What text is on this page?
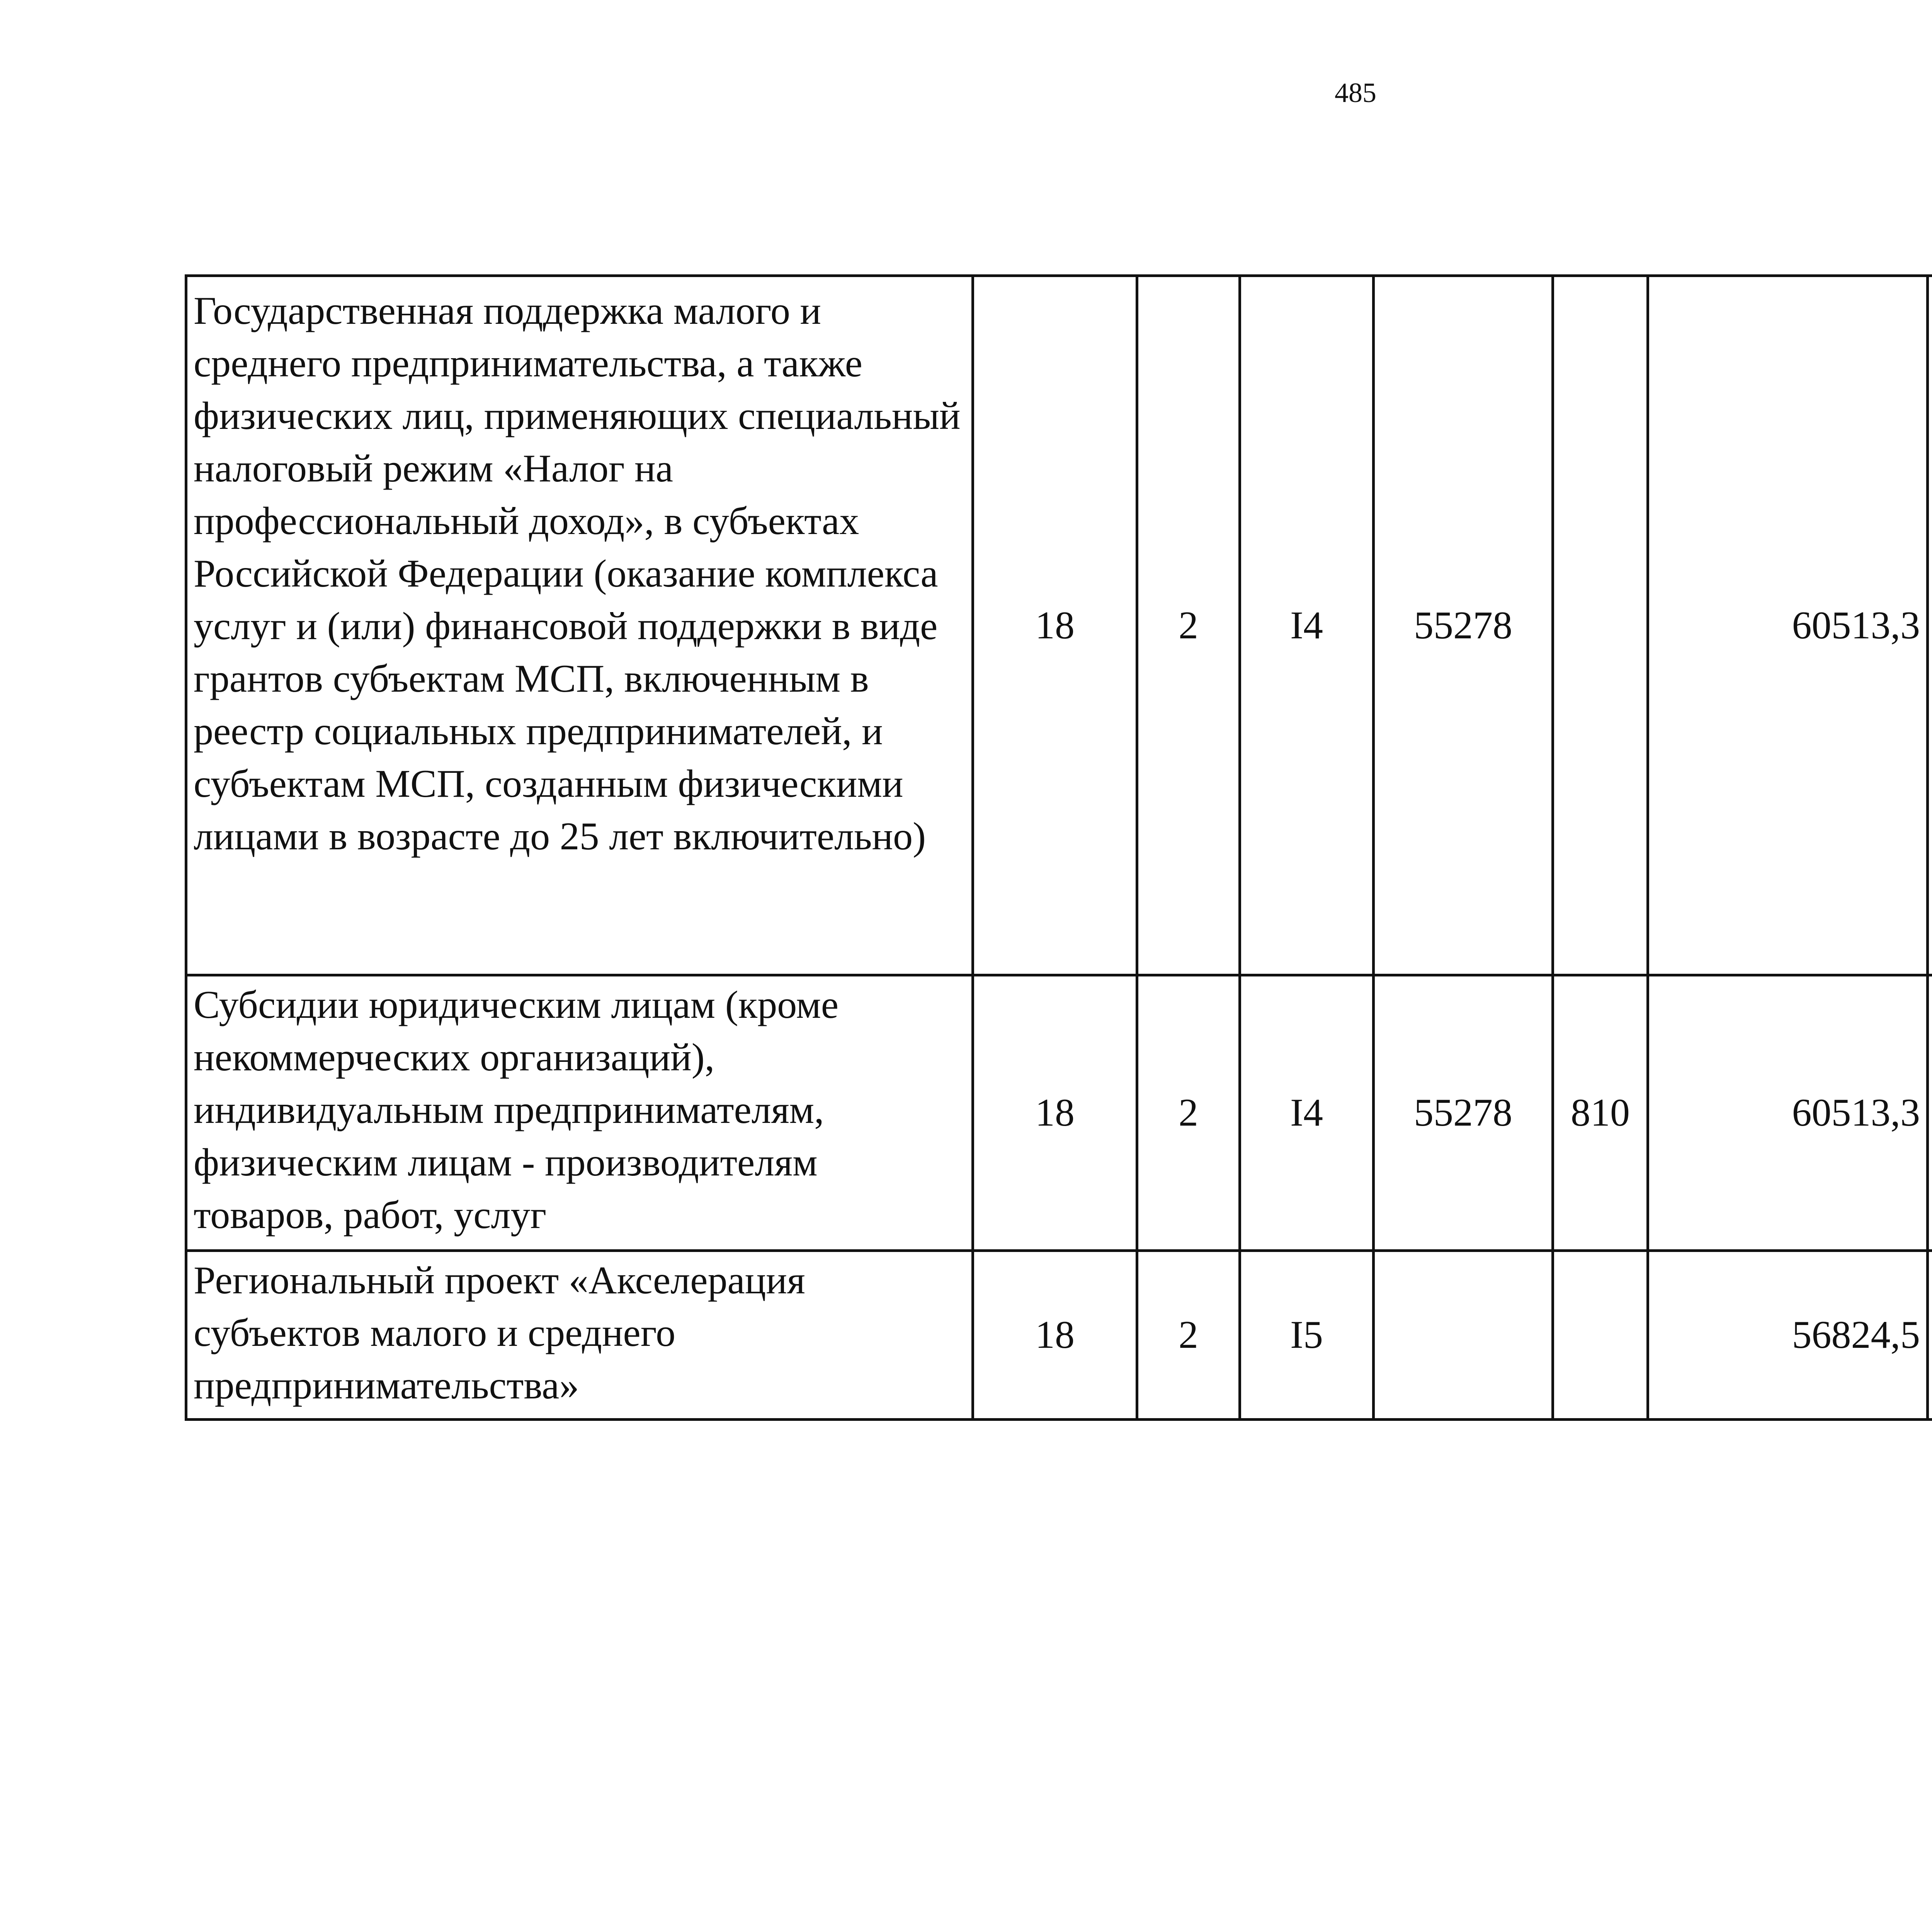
485
Государственная поддержка малого и среднего предпринимательства, а также физических лиц, применяющих специальный налоговый режим «Налог на профессиональный доход», в субъектах Российской Федерации (оказание комплекса услуг и (или) финансовой поддержки в виде грантов субъектам МСП, включенным в реестр социальных предпринимателей, и субъектам МСП, созданным физическими лицами в возрасте до 25 лет включительно)	18	2	I4	55278		60513,3		
Субсидии юридическим лицам (кроме некоммерческих организаций), индивидуальным предпринимателям, физическим лицам - производителям товаров, работ, услуг	18	2	I4	55278	810	60513,3		
Региональный проект «Акселерация субъектов малого и среднего предпринимательства»	18	2	I5			56824,5		
